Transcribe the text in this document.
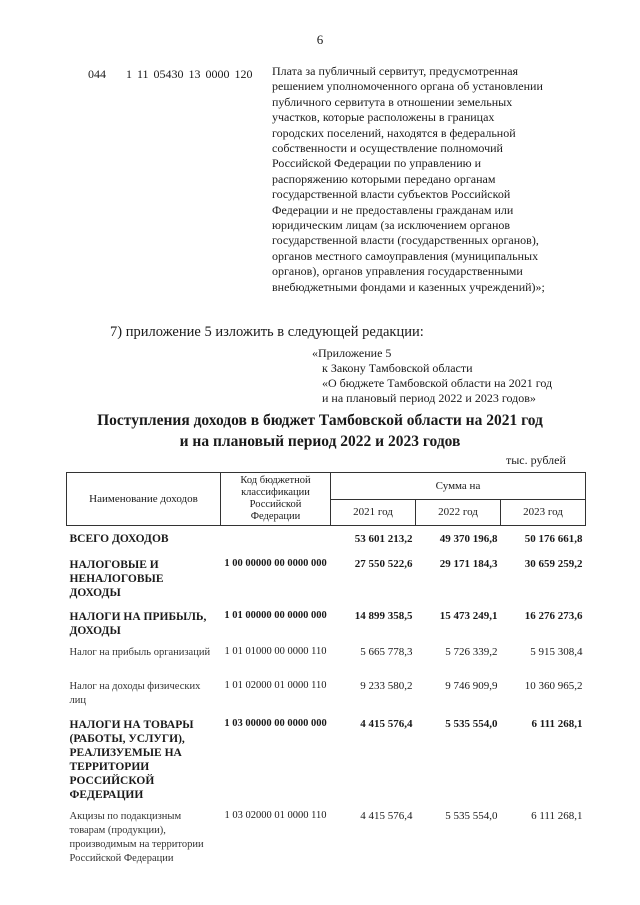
6
044 1 11 05430 13 0000 120 Плата за публичный сервитут, предусмотренная
решением уполномоченного органа об установлении
публичного сервитута в отношении земельных
участков, которые расположены в границах
городских поселений, находятся в федеральной
собственности и осуществление полномочий
Российской Федерации по управлению и
распоряжению которыми передано органам
государственной власти субъектов Российской
Федерации и не предоставлены гражданам или
юридическим лицам (за исключением органов
государственной власти (государственных органов),
органов местного самоуправления (муниципальных
органов), органов управления государственными
внебюджетными фондами и казенных учреждений)»;
7) приложение 5 изложить в следующей редакции:
«Приложение 5
к Закону Тамбовской области
«О бюджете Тамбовской области на 2021 год
и на плановый период 2022 и 2023 годов»
Поступления доходов в бюджет Тамбовской области на 2021 год
и на плановый период 2022 и 2023 годов
тыс. рублей
Наименование доходов	Код бюджетной классификации Российской Федерации	Сумма на		
		2021 год	2022 год	2023 год
ВСЕГО ДОХОДОВ		53 601 213,2	49 370 196,8	50 176 661,8
НАЛОГОВЫЕ И НЕНАЛОГОВЫЕ ДОХОДЫ	1 00 00000 00 0000 000	27 550 522,6	29 171 184,3	30 659 259,2
НАЛОГИ НА ПРИБЫЛЬ, ДОХОДЫ	1 01 00000 00 0000 000	14 899 358,5	15 473 249,1	16 276 273,6
Налог на прибыль организаций	1 01 01000 00 0000 110	5 665 778,3	5 726 339,2	5 915 308,4
Налог на доходы физических лиц	1 01 02000 01 0000 110	9 233 580,2	9 746 909,9	10 360 965,2
НАЛОГИ НА ТОВАРЫ (РАБОТЫ, УСЛУГИ), РЕАЛИЗУЕМЫЕ НА ТЕРРИТОРИИ РОССИЙСКОЙ ФЕДЕРАЦИИ	1 03 00000 00 0000 000	4 415 576,4	5 535 554,0	6 111 268,1
Акцизы по подакцизным товарам (продукции), производимым на территории Российской Федерации	1 03 02000 01 0000 110	4 415 576,4	5 535 554,0	6 111 268,1
